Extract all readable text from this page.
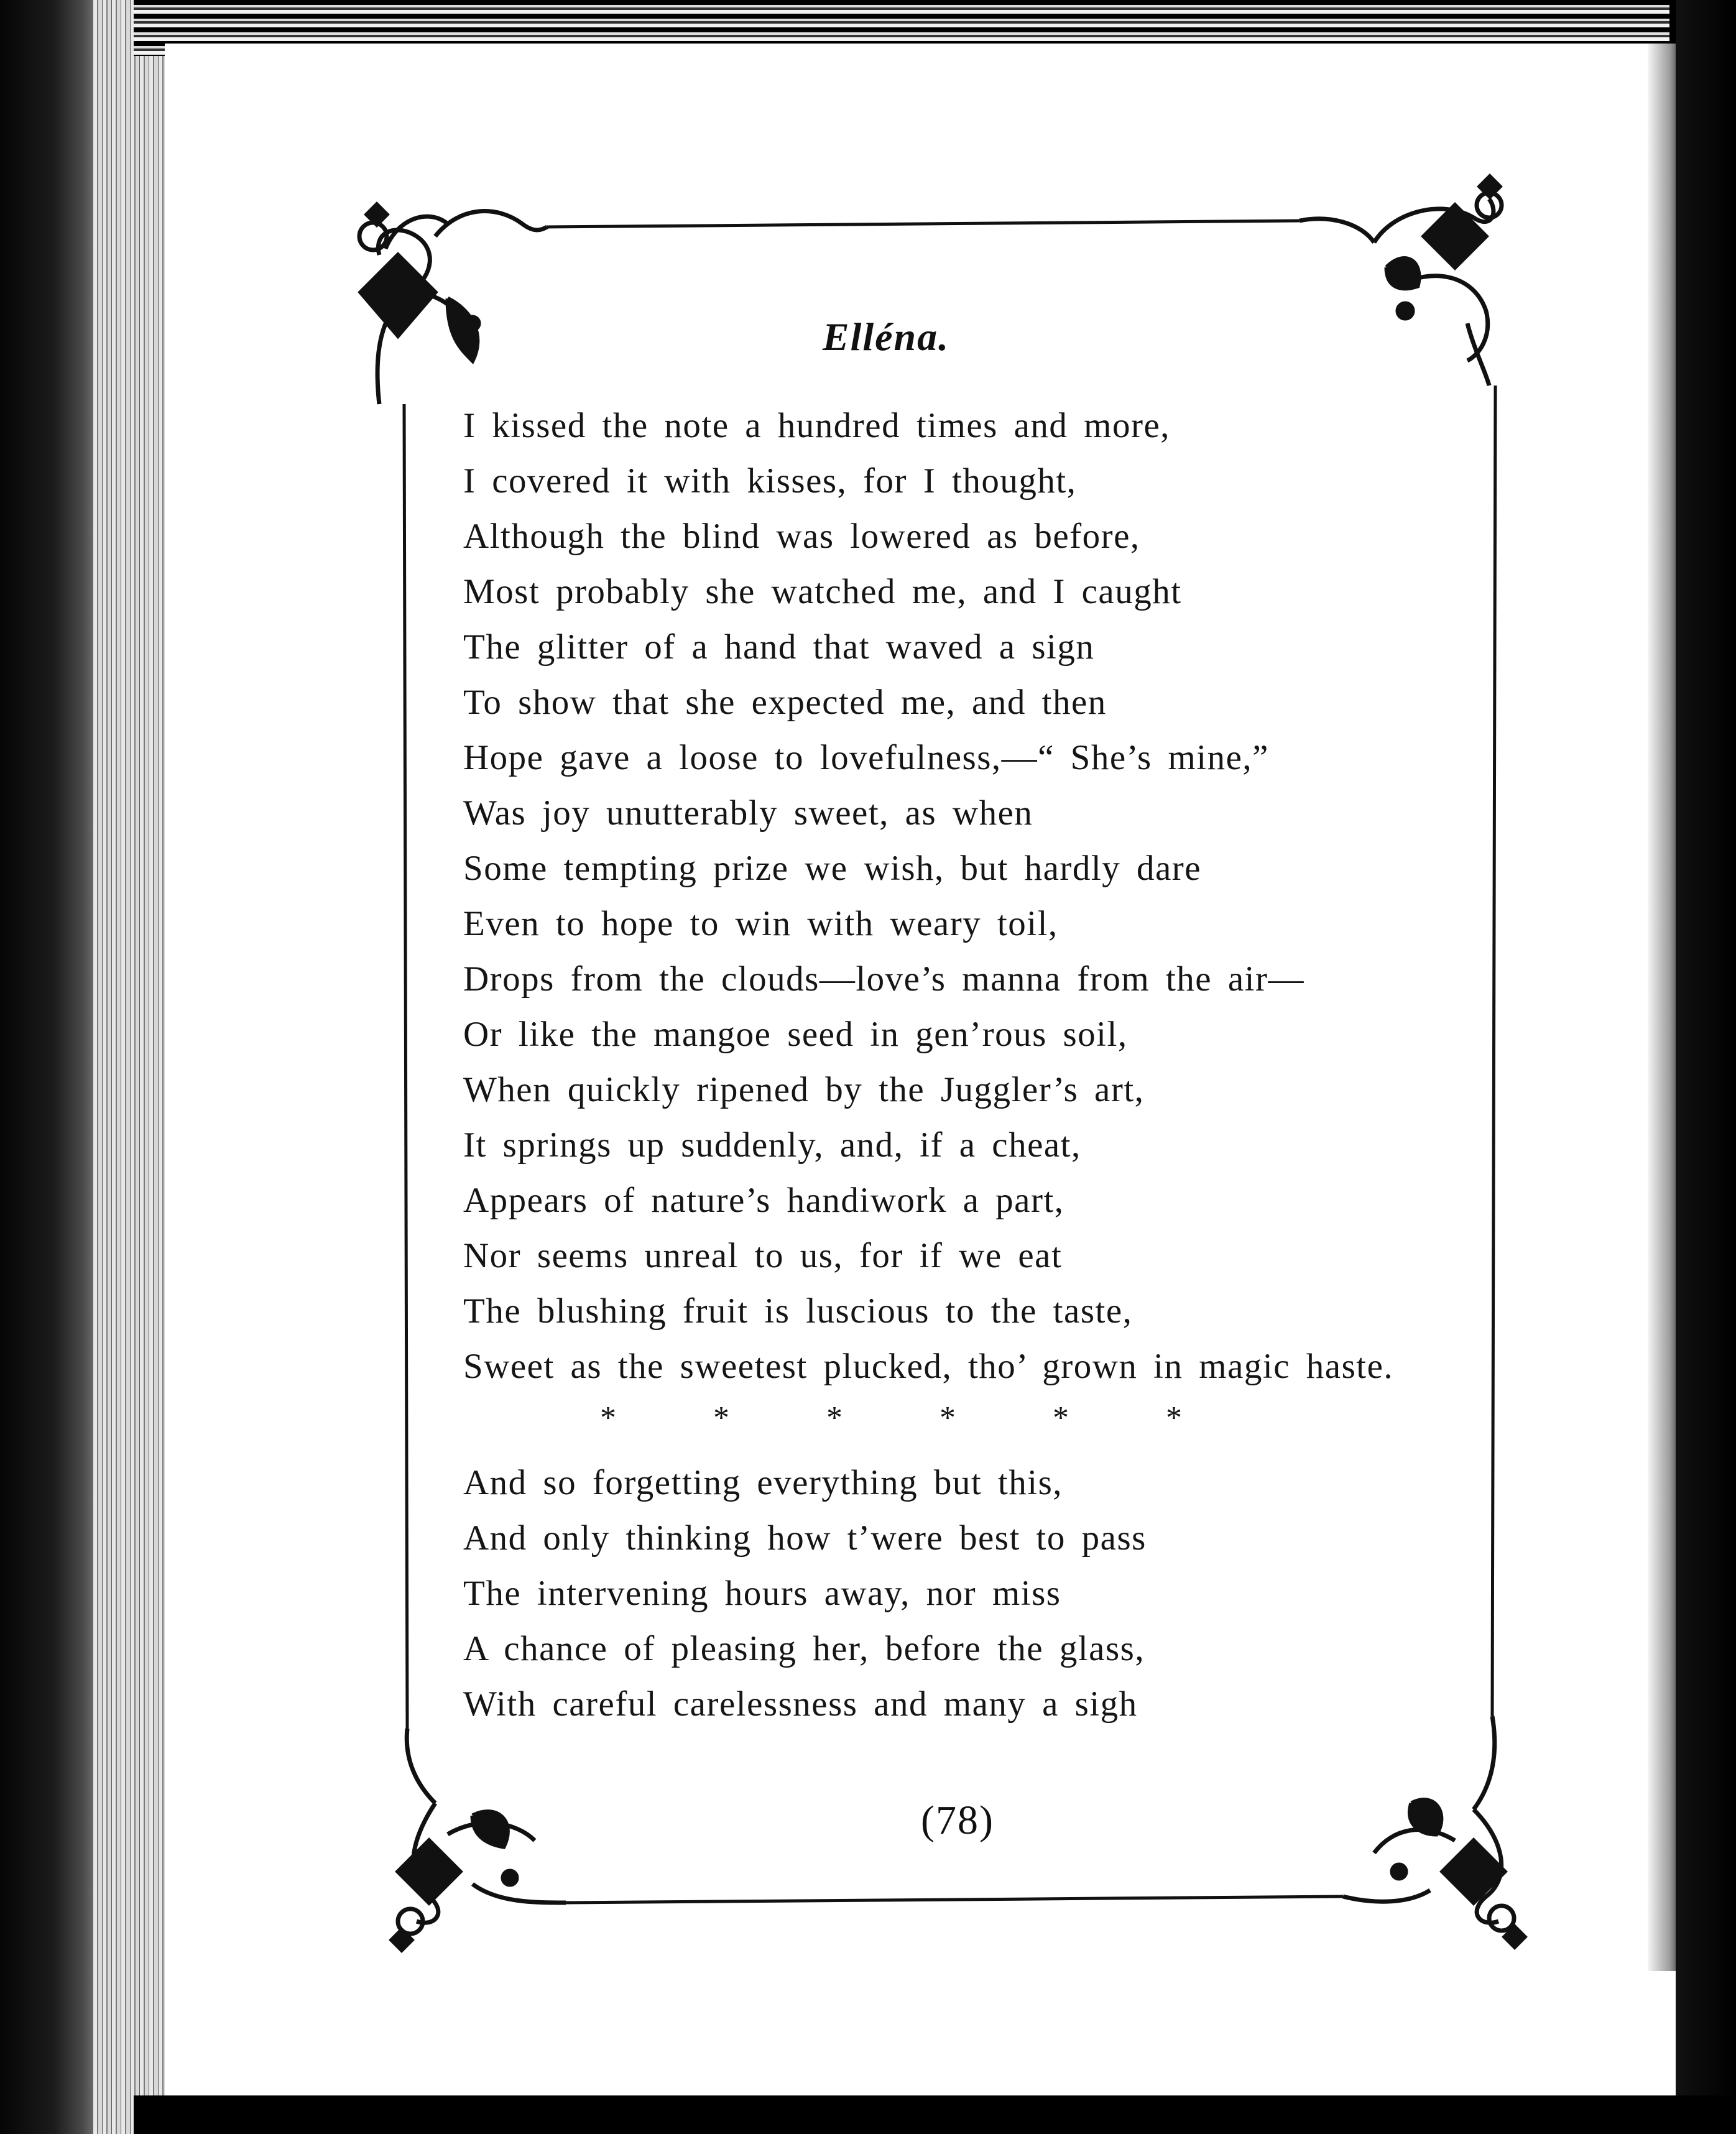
Elléna.
I kissed the note a hundred times and more,
I covered it with kisses, for I thought,
Although the blind was lowered as before,
Most probably she watched me, and I caught
The glitter of a hand that waved a sign
To show that she expected me, and then
Hope gave a loose to lovefulness,—“ She’s mine,”
Was joy unutterably sweet, as when
Some tempting prize we wish, but hardly dare
Even to hope to win with weary toil,
Drops from the clouds—love’s manna from the air—
Or like the mangoe seed in gen’rous soil,
When quickly ripened by the Juggler’s art,
It springs up suddenly, and, if a cheat,
Appears of nature’s handiwork a part,
Nor seems unreal to us, for if we eat
The blushing fruit is luscious to the taste,
Sweet as the sweetest plucked, tho’ grown in magic haste.
* * * * * *
And so forgetting everything but this,
And only thinking how t’were best to pass
The intervening hours away, nor miss
A chance of pleasing her, before the glass,
With careful carelessness and many a sigh

(78)
